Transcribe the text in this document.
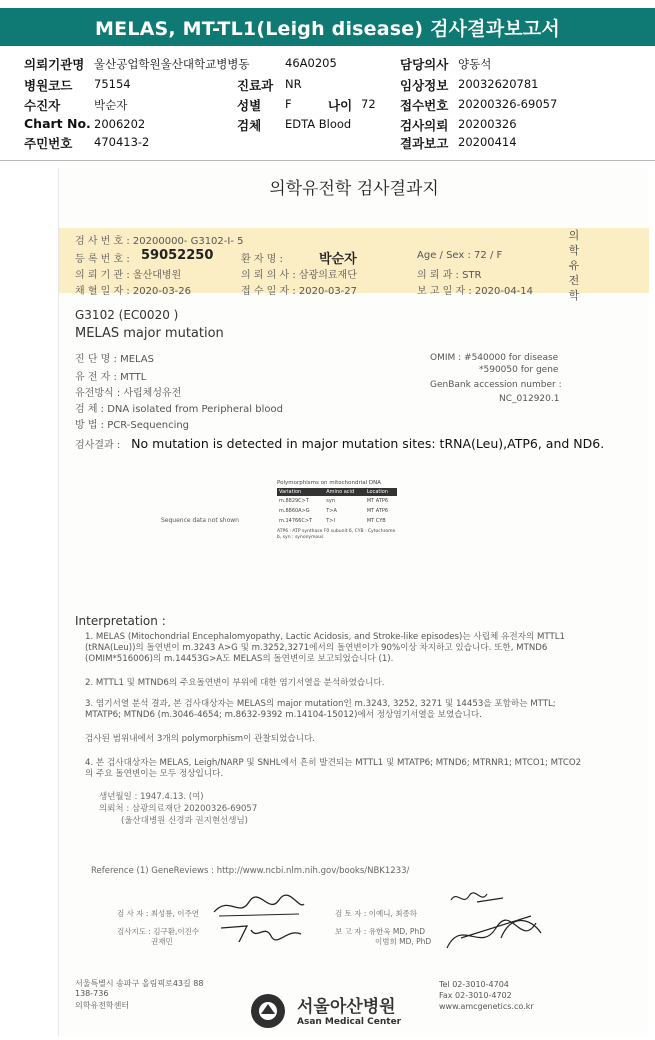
MELAS, MT-TL1(Leigh disease) 검사결과보고서
의뢰기관명 울산공업학원울산대학교병병동	46A0205	담당의사 양동석
병원코드 75154	진료과 NR	임상정보 20032620781
수진자	박순자	성별 F	나이 72 접수번호 20200326-69057
Chart No. 2006202	검체 EDTA Blood	검사의뢰 20200326
주민번호 470413-2	결과보고 20200414
의학유전학 검사결과지
검 사 번 호 : 20200000- G3102-I- 5
등 록 번 호 : 59052250	환 자 명 :	박순자	Age / Sex : 72 / F
의 뢰 기 관 : 울산대병원	의 뢰 의 사 : 삼광의료재단	의 뢰 과 : STR
채 혈 일 자 : 2020-03-26	접 수 일 자 : 2020-03-27	보 고 일 자 : 2020-04-14
의학유전학
G3102 (EC0020 )
MELAS major mutation
진 단 명 : MELAS
유 전 자 : MTTL
유전방식 : 사립체성유전
검 체 : DNA isolated from Peripheral blood
방 법 : PCR-Sequencing
OMIM : #540000 for disease
*590050 for gene
GenBank accession number :
NC_012920.1
검사결과 : No mutation is detected in major mutation sites: tRNA(Leu),ATP6, and ND6.
Sequence data not shown
Polymorphisms on mitochondrial DNA
Variation	Amino acid	Location
m.8829C>T	syn	MT ATP6
m.8860A>G	T>A	MT ATP6
m.14766C>T	T>I	MT CYB
ATP6 : ATP synthase F0 subunit 6, CYB : Cytochrome b, syn : synonymous
Interpretation :
1. MELAS (Mitochondrial Encephalomyopathy, Lactic Acidosis, and Stroke-like episodes)는 사립체 유전자의 MTTL1 (tRNA(Leu))의 돌연변이 m.3243 A>G 및 m.3252,3271에서의 돌연변이가 90%이상 차지하고 있습니다. 또한, MTND6 (OMIM*516006)의 m.14453G>A도 MELAS의 돌연변이로 보고되었습니다 (1).
2. MTTL1 및 MTND6의 주요돌연변이 부위에 대한 염기서열을 분석하였습니다.
3. 염기서열 분석 결과, 본 검사대상자는 MELAS의 major mutation인 m.3243, 3252, 3271 및 14453을 포함하는 MTTL; MTATP6; MTND6 (m.3046-4654; m.8632-9392 m.14104-15012)에서 정상염기서열을 보였습니다.
검사된 범위내에서 3개의 polymorphism이 관찰되었습니다.
4. 본 검사대상자는 MELAS, Leigh/NARP 및 SNHL에서 흔히 발견되는 MTTL1 및 MTATP6; MTND6; MTRNR1; MTCO1; MTCO2의 주요 돌연변이는 모두 정상입니다.
생년월일 : 1947.4.13. (여)
의뢰처 : 삼광의료재단 20200326-69057
(울산대병원 신경과 권지현선생님)
Reference (1) GeneReviews : http://www.ncbi.nlm.nih.gov/books/NBK1233/
검 사 자 : 최성룡, 이주연	검 토 자 : 이예니, 최종하
검사지도 : 김구환,이진수
권재민
보 고 자 : 유한욱 MD, PhD
이범희 MD, PhD
서울특별시 송파구 올림픽로43길 88
138-736
의학유전학센터
Tel 02-3010-4704
Fax 02-3010-4702
www.amcgenetics.co.kr
서울아산병원
Asan Medical Center
